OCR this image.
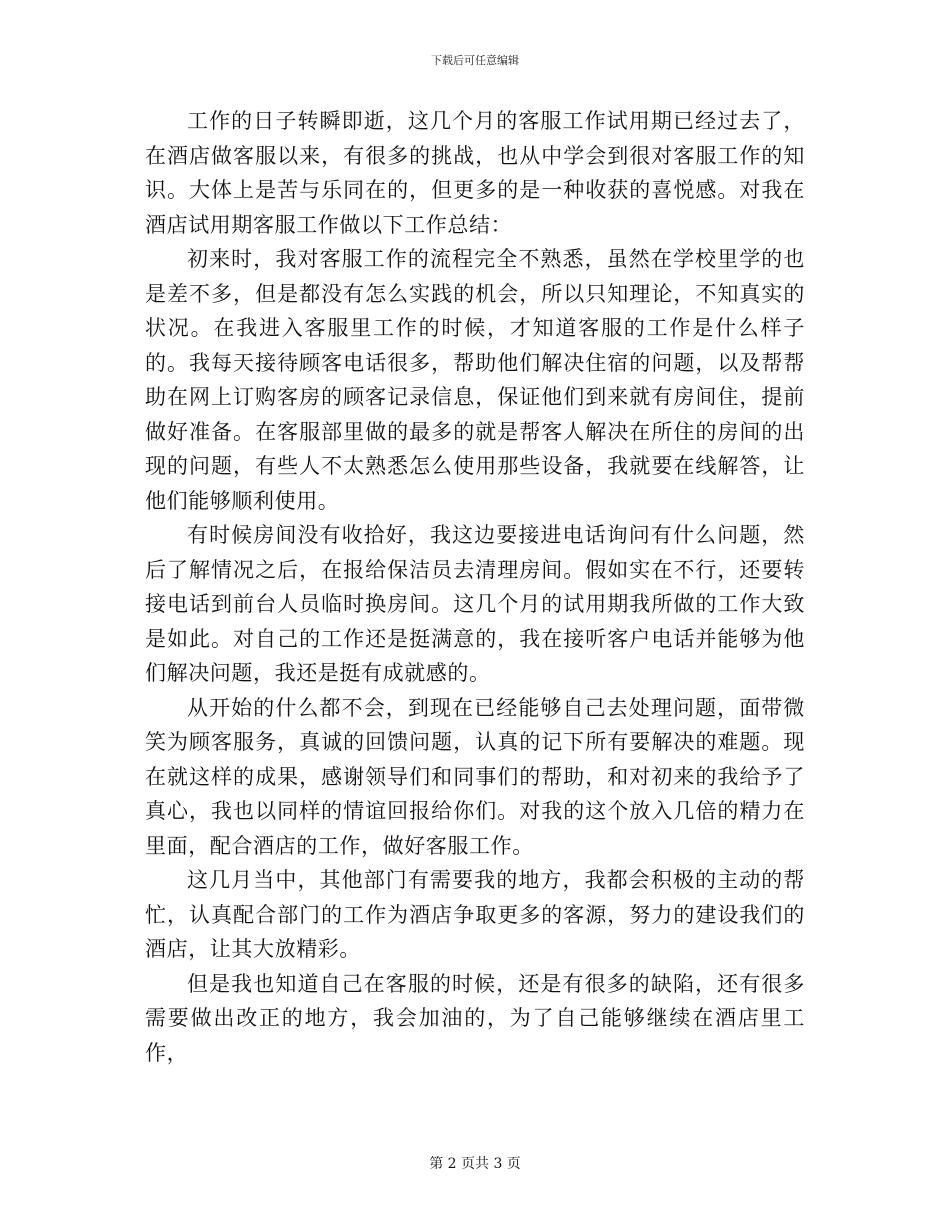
下载后可任意编辑

工作的日子转瞬即逝，这几个月的客服工作试用期已经过去了，在酒店做客服以来，有很多的挑战，也从中学会到很对客服工作的知识。大体上是苦与乐同在的，但更多的是一种收获的喜悦感。对我在酒店试用期客服工作做以下工作总结：

初来时，我对客服工作的流程完全不熟悉，虽然在学校里学的也是差不多，但是都没有怎么实践的机会，所以只知理论，不知真实的状况。在我进入客服里工作的时候，才知道客服的工作是什么样子的。我每天接待顾客电话很多，帮助他们解决住宿的问题，以及帮帮助在网上订购客房的顾客记录信息，保证他们到来就有房间住，提前做好准备。在客服部里做的最多的就是帮客人解决在所住的房间的出现的问题，有些人不太熟悉怎么使用那些设备，我就要在线解答，让他们能够顺利使用。

有时候房间没有收拾好，我这边要接进电话询问有什么问题，然后了解情况之后，在报给保洁员去清理房间。假如实在不行，还要转接电话到前台人员临时换房间。这几个月的试用期我所做的工作大致是如此。对自己的工作还是挺满意的，我在接听客户电话并能够为他们解决问题，我还是挺有成就感的。

从开始的什么都不会，到现在已经能够自己去处理问题，面带微笑为顾客服务，真诚的回馈问题，认真的记下所有要解决的难题。现在就这样的成果，感谢领导们和同事们的帮助，和对初来的我给予了真心，我也以同样的情谊回报给你们。对我的这个放入几倍的精力在里面，配合酒店的工作，做好客服工作。

这几月当中，其他部门有需要我的地方，我都会积极的主动的帮忙，认真配合部门的工作为酒店争取更多的客源，努力的建设我们的酒店，让其大放精彩。

但是我也知道自己在客服的时候，还是有很多的缺陷，还有很多需要做出改正的地方，我会加油的，为了自己能够继续在酒店里工作，

第 2 页共 3 页
